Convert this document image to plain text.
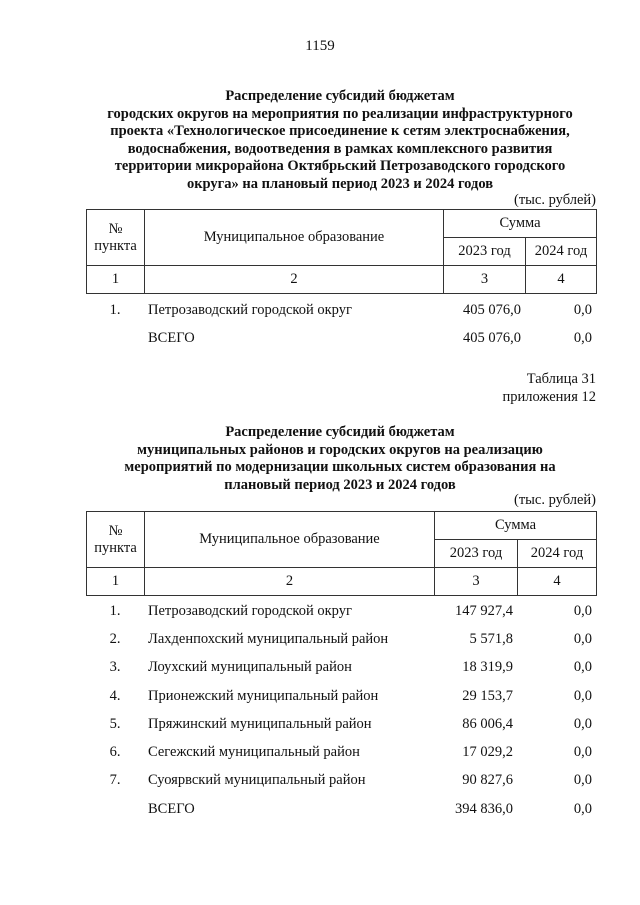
1159
Распределение субсидий бюджетам
городских округов на мероприятия по реализации инфраструктурного
проекта «Технологическое присоединение к сетям электроснабжения,
водоснабжения, водоотведения в рамках комплексного развития
территории микрорайона Октябрьский Петрозаводского городского
округа» на плановый период 2023 и 2024 годов
(тыс. рублей)
№ пункта	Муниципальное образование	Сумма	
		2023 год	2024 год
1	2	3	4
1.	Петрозаводский городской округ	405 076,0	0,0
	ВСЕГО	405 076,0	0,0
Таблица 31
приложения 12
Распределение субсидий бюджетам
муниципальных районов и городских округов на реализацию
мероприятий по модернизации школьных систем образования на
плановый период 2023 и 2024 годов
(тыс. рублей)
№ пункта	Муниципальное образование	Сумма	
		2023 год	2024 год
1	2	3	4
1.	Петрозаводский городской округ	147 927,4	0,0
2.	Лахденпохский муниципальный район	5 571,8	0,0
3.	Лоухский муниципальный район	18 319,9	0,0
4.	Прионежский муниципальный район	29 153,7	0,0
5.	Пряжинский муниципальный район	86 006,4	0,0
6.	Сегежский муниципальный район	17 029,2	0,0
7.	Суоярвский муниципальный район	90 827,6	0,0
	ВСЕГО	394 836,0	0,0
